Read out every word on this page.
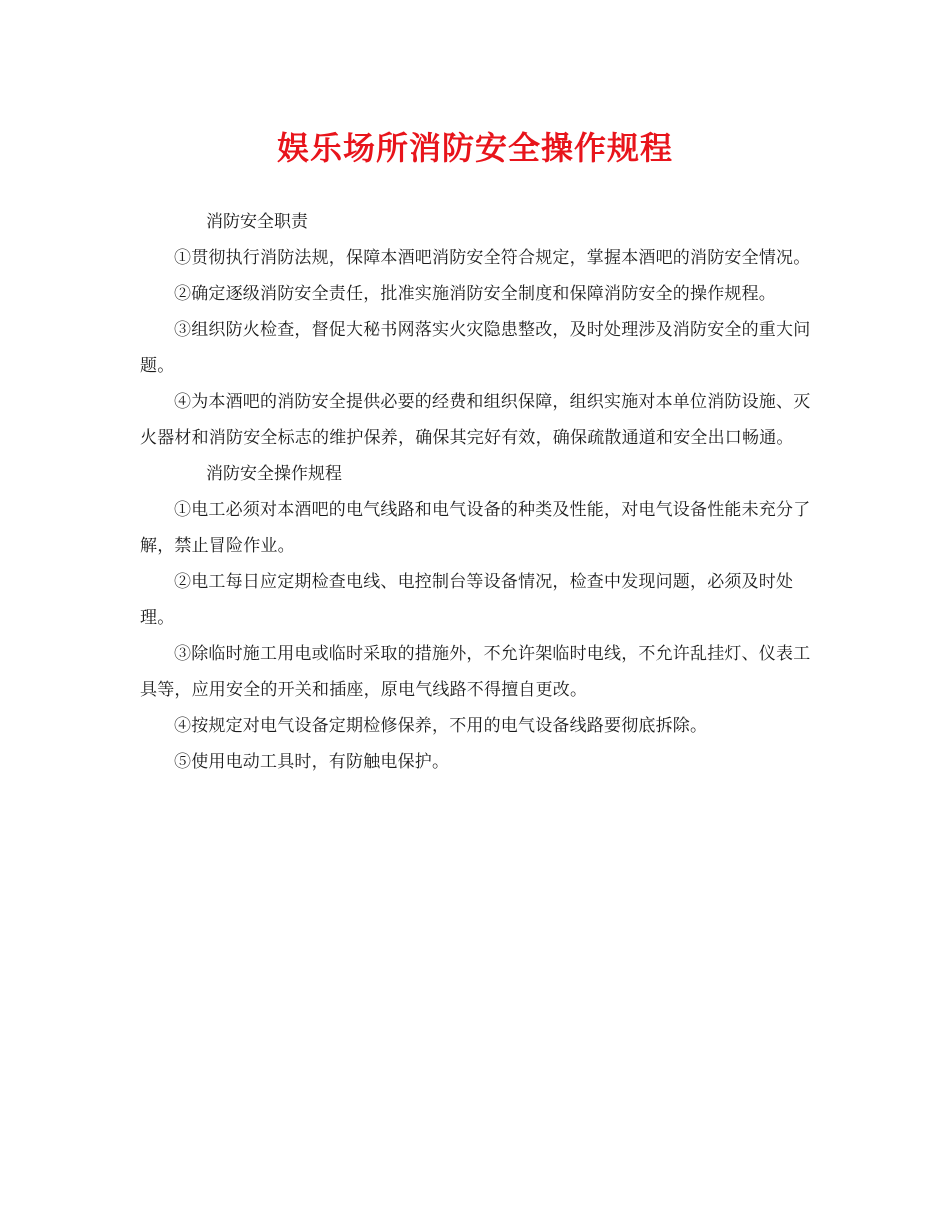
娱乐场所消防安全操作规程

消防安全职责

①贯彻执行消防法规，保障本酒吧消防安全符合规定，掌握本酒吧的消防安全情况。

②确定逐级消防安全责任，批准实施消防安全制度和保障消防安全的操作规程。

③组织防火检查，督促大秘书网落实火灾隐患整改，及时处理涉及消防安全的重大问题。

④为本酒吧的消防安全提供必要的经费和组织保障，组织实施对本单位消防设施、灭火器材和消防安全标志的维护保养，确保其完好有效，确保疏散通道和安全出口畅通。

消防安全操作规程

①电工必须对本酒吧的电气线路和电气设备的种类及性能，对电气设备性能未充分了解，禁止冒险作业。

②电工每日应定期检查电线、电控制台等设备情况，检查中发现问题，必须及时处理。

③除临时施工用电或临时采取的措施外，不允许架临时电线，不允许乱挂灯、仪表工具等，应用安全的开关和插座，原电气线路不得擅自更改。

④按规定对电气设备定期检修保养，不用的电气设备线路要彻底拆除。

⑤使用电动工具时，有防触电保护。
